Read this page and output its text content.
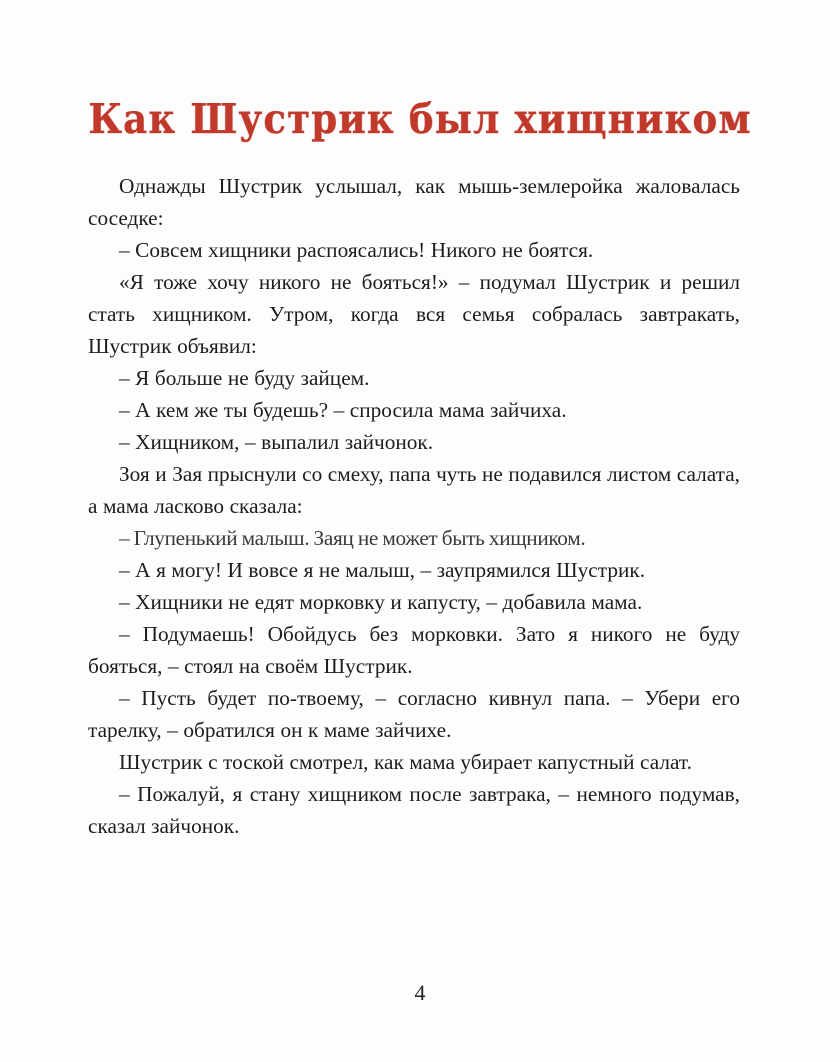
Как Шустрик был хищником

Однажды Шустрик услышал, как мышь-землеройка жаловалась соседке:

– Совсем хищники распоясались! Никого не боятся.

«Я тоже хочу никого не бояться!» – подумал Шустрик и решил стать хищником. Утром, когда вся семья собралась завтракать, Шустрик объявил:

– Я больше не буду зайцем.

– А кем же ты будешь? – спросила мама зайчиха.

– Хищником, – выпалил зайчонок.

Зоя и Зая прыснули со смеху, папа чуть не подавился листом салата, а мама ласково сказала:

– Глупенький малыш. Заяц не может быть хищником.

– А я могу! И вовсе я не малыш, – заупрямился Шустрик.

– Хищники не едят морковку и капусту, – добавила мама.

– Подумаешь! Обойдусь без морковки. Зато я никого не буду бояться, – стоял на своём Шустрик.

– Пусть будет по-твоему, – согласно кивнул папа. – Убери его тарелку, – обратился он к маме зайчихе.

Шустрик с тоской смотрел, как мама убирает капустный салат.

– Пожалуй, я стану хищником после завтрака, – немного подумав, сказал зайчонок.

4
